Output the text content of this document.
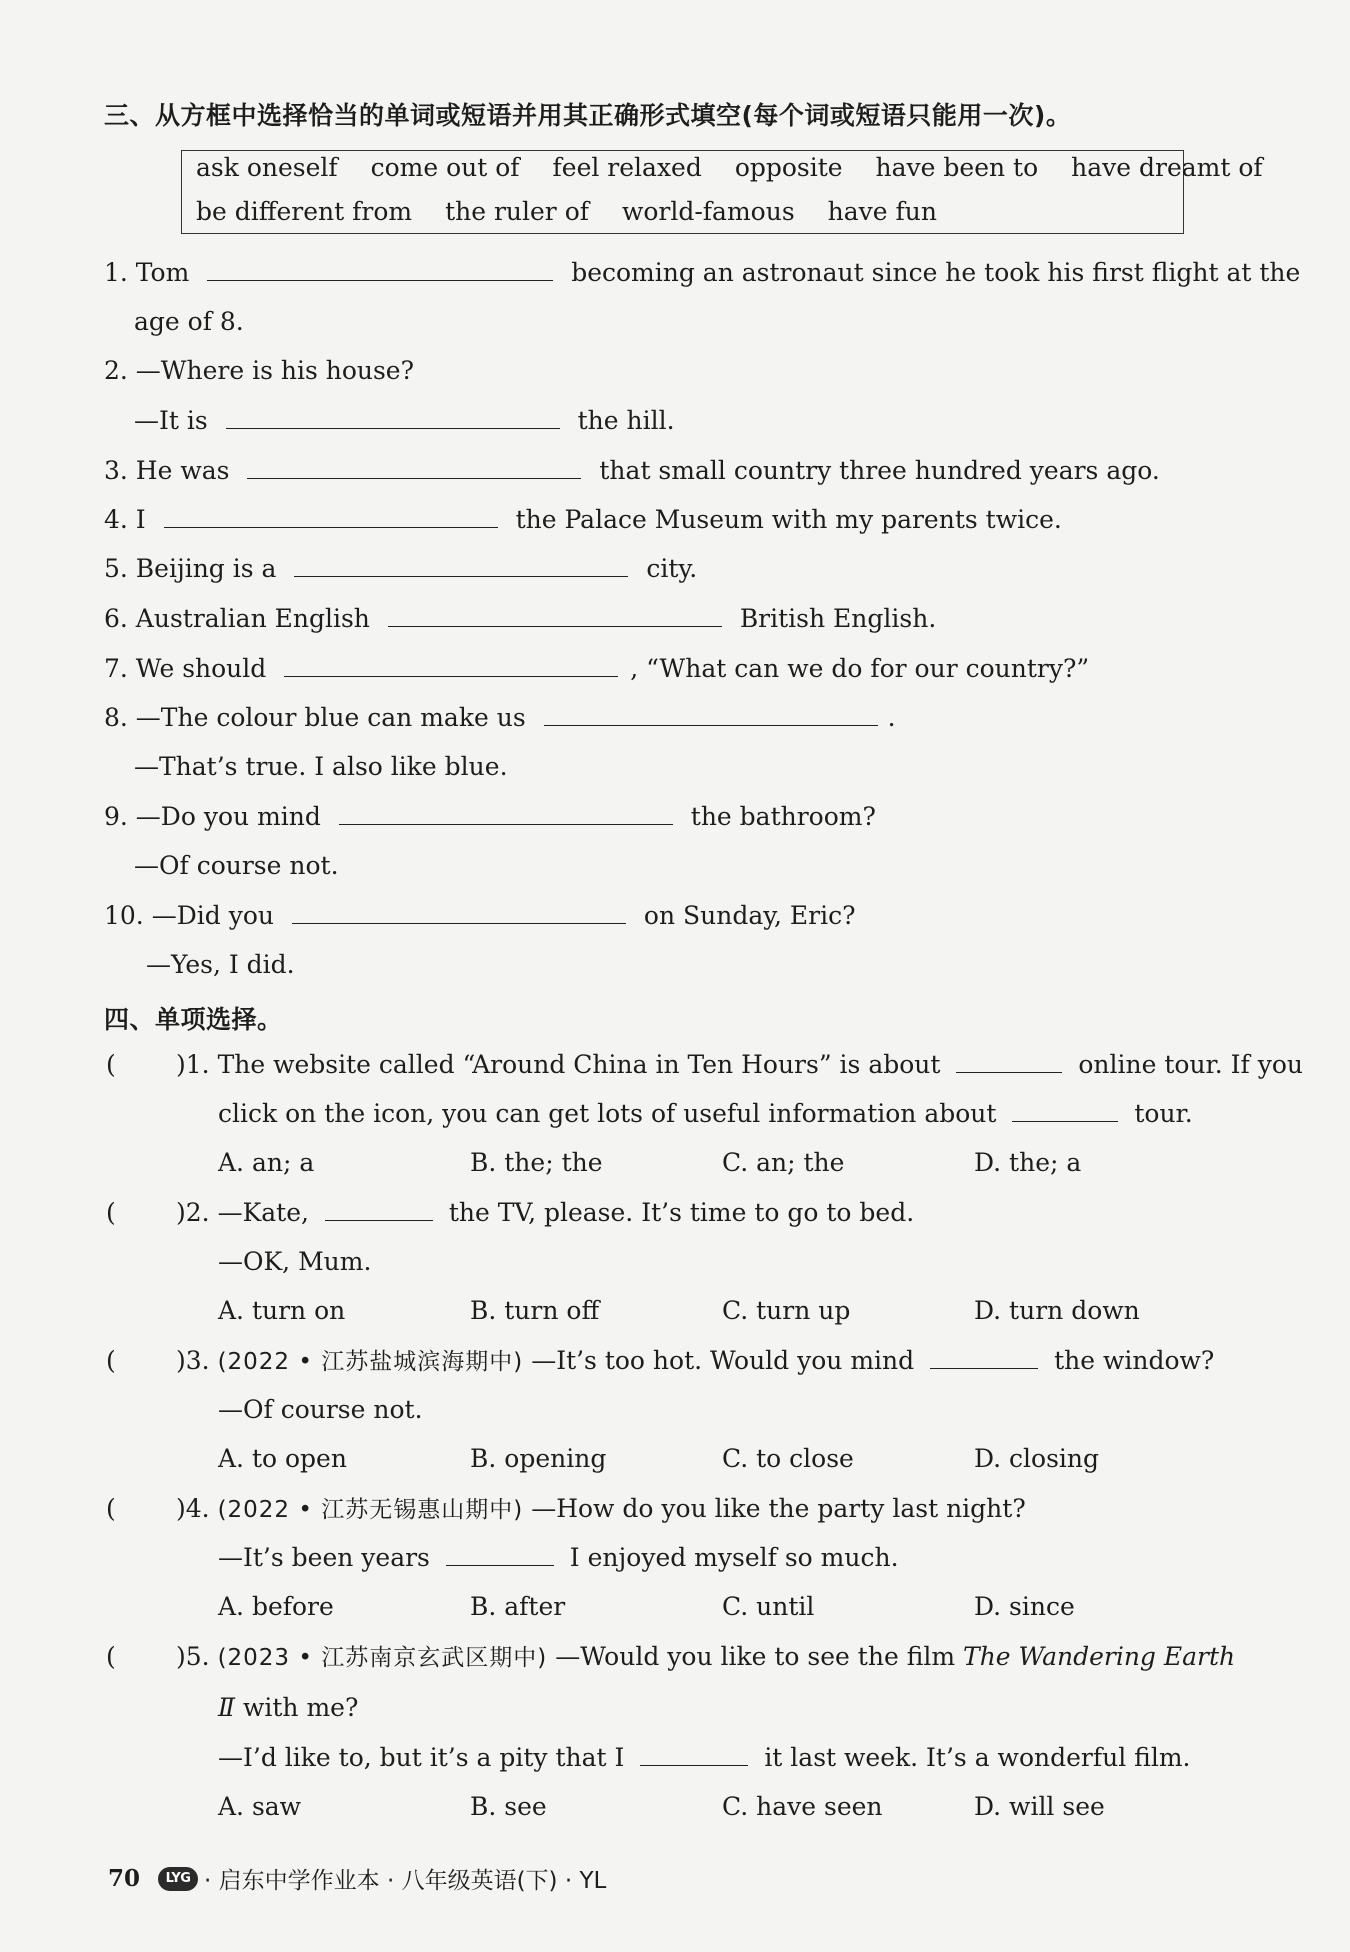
三、从方框中选择恰当的单词或短语并用其正确形式填空(每个词或短语只能用一次)。
ask oneself come out of feel relaxed opposite have been to have dreamt of
be different from the ruler of world-famous have fun
1. Tom	becoming an astronaut since he took his first flight at the
age of 8.
2. —Where is his house?
—It is	the hill.
3. He was	that small country three hundred years ago.
4. I	the Palace Museum with my parents twice.
5. Beijing is a	city.
6. Australian English	British English.
7. We should	, “What can we do for our country?”
8. —The colour blue can make us	.
—That’s true. I also like blue.
9. —Do you mind	the bathroom?
—Of course not.
10. —Did you	on Sunday, Eric?
—Yes, I did.
四、单项选择。
( )1. The website called “Around China in Ten Hours” is about	online tour. If you
click on the icon, you can get lots of useful information about	tour.
A. an; a	B. the; the	C. an; the	D. the; a
( )2. —Kate,	the TV, please. It’s time to go to bed.
—OK, Mum.
A. turn on	B. turn off	C. turn up	D. turn down
( )3. (2022 • 江苏盐城滨海期中) —It’s too hot. Would you mind	the window?
—Of course not.
A. to open	B. opening	C. to close	D. closing
( )4. (2022 • 江苏无锡惠山期中) —How do you like the party last night?
—It’s been years	I enjoyed myself so much.
A. before	B. after	C. until	D. since
( )5. (2023 • 江苏南京玄武区期中) —Would you like to see the film The Wandering Earth
Ⅱ with me?
—I’d like to, but it’s a pity that I	it last week. It’s a wonderful film.
A. saw	B. see	C. have seen	D. will see
70	LYG · 启东中学作业本 · 八年级英语(下) · YL
